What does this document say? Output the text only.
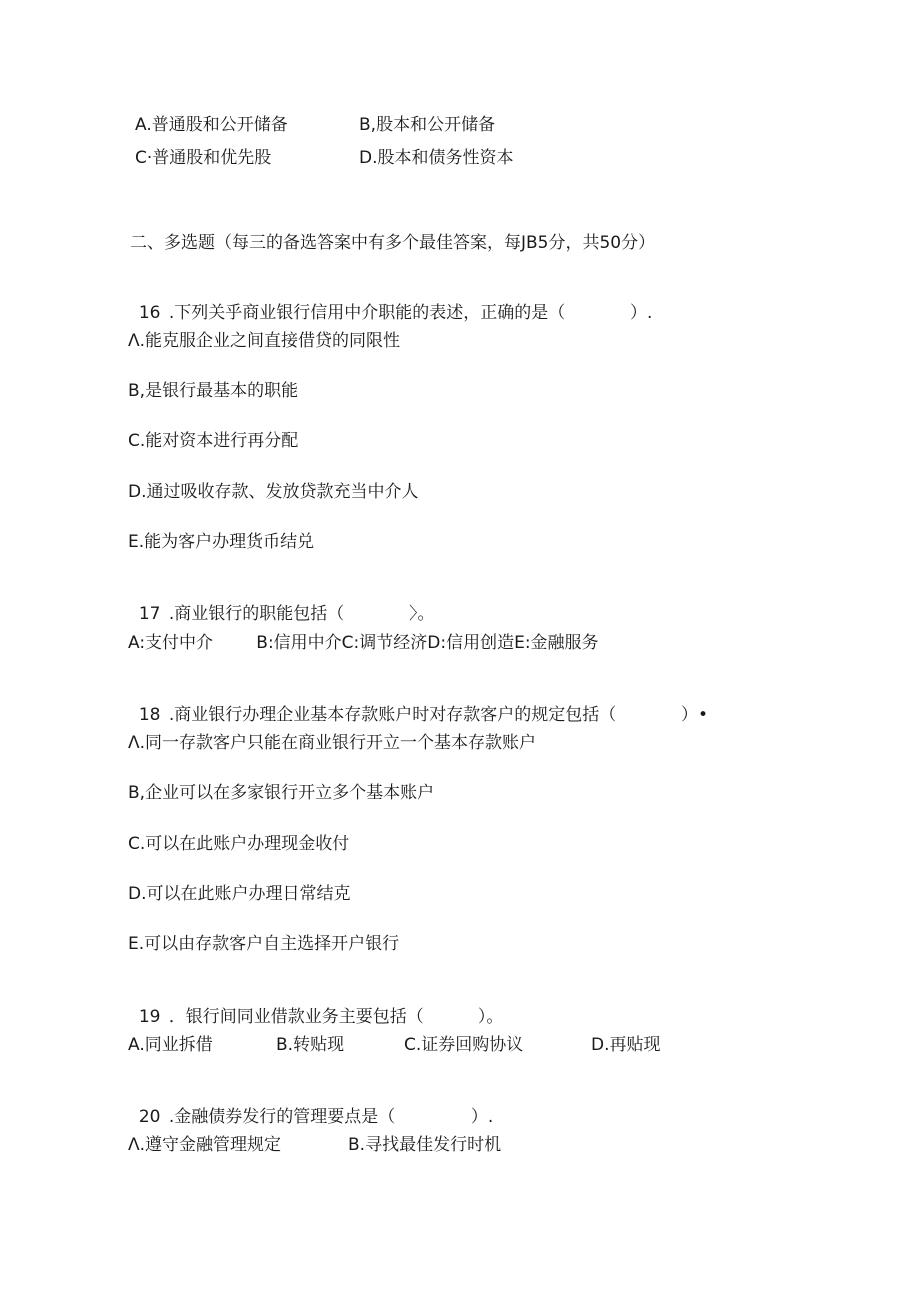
A.普通股和公开储备	B,股本和公开储备
C·普通股和优先股	D.股本和债务性资本
二、多选题（每三的备选答案中有多个最佳答案，每JB5分，共50分）

16 .下列关乎商业银行信用中介职能的表述，正确的是（            ）.

Λ.能克服企业之间直接借贷的同限性
B,是银行最基本的职能
C.能对资本进行再分配
D.通过吸收存款、发放贷款充当中介人
E.能为客户办理货币结兑

17 .商业银行的职能包括（            〉。

A:支付中介        B:信用中介C:调节经济D:信用创造E:金融服务

18 .商业银行办理企业基本存款账户时对存款客户的规定包括（            ）•

Λ.同一存款客户只能在商业银行开立一个基本存款账户
B,企业可以在多家银行开立多个基本账户
C.可以在此账户办理现金收付
D.可以在此账户办理日常结克
E.可以由存款客户自主选择开户银行

19 ．银行间同业借款业务主要包括（          ）。

A.同业拆借	B.转贴现	C.证券回购协议	D.再贴现

20 .金融债券发行的管理要点是（              ）.

Λ.遵守金融管理规定	B.寻找最佳发行时机
